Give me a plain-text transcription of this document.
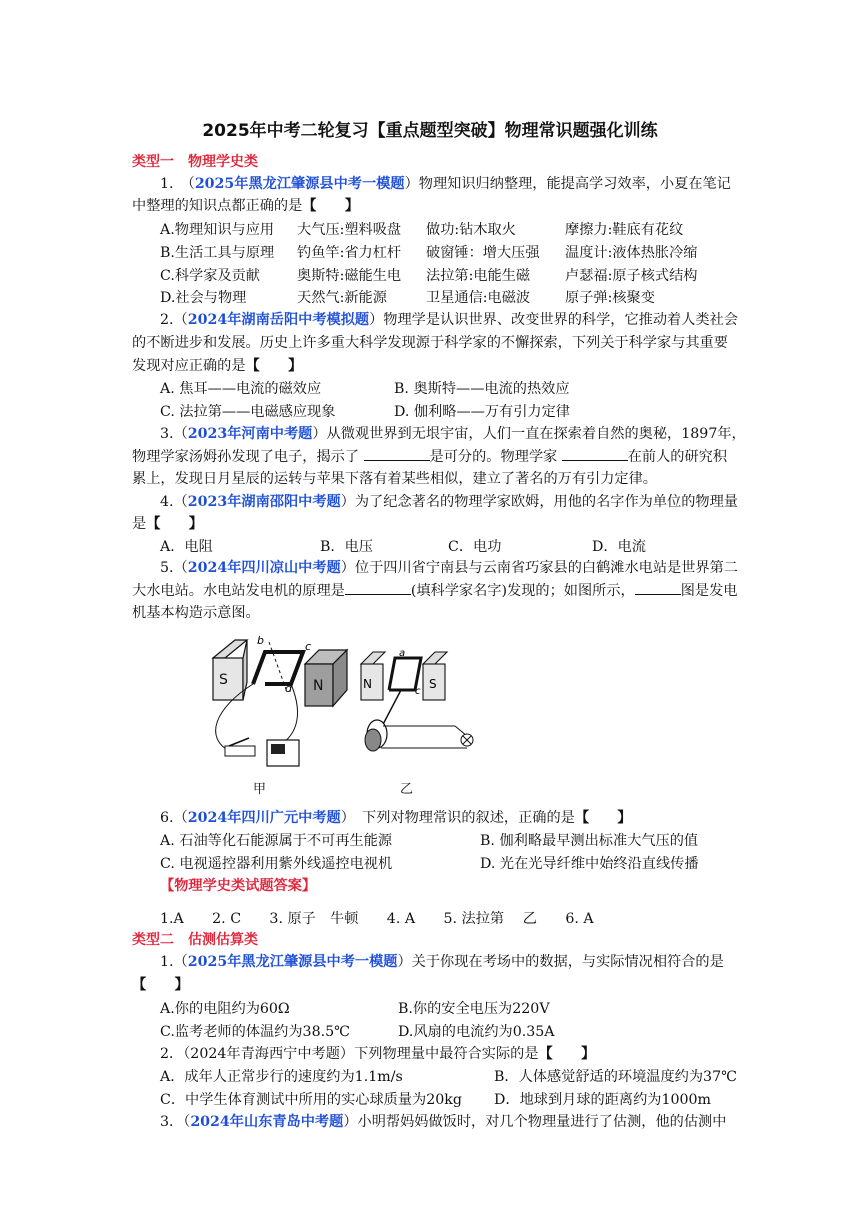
2025年中考二轮复习【重点题型突破】物理常识题强化训练
类型一　物理学史类
1.　（2025年黑龙江肇源县中考一模题）物理知识归纳整理，能提高学习效率，小夏在笔记
中整理的知识点都正确的是【　　】
A.物理知识与应用 大气压:塑料吸盘 做功:钻木取火	摩擦力:鞋底有花纹
B.生活工具与原理 钓鱼竿:省力杠杆 破窗锤：增大压强 温度计:液体热胀冷缩
C.科学家及贡献	奥斯特:磁能生电 法拉第:电能生磁 卢瑟福:原子核式结构
D.社会与物理	天然气:新能源	卫星通信:电磁波 原子弹:核聚变
2.（2024年湖南岳阳中考模拟题）物理学是认识世界、改变世界的科学，它推动着人类社会
的不断进步和发展。历史上许多重大科学发现源于科学家的不懈探索，下列关于科学家与其重要
发现对应正确的是【　　】
A. 焦耳——电流的磁效应	B. 奥斯特——电流的热效应
C. 法拉第——电磁感应现象	D. 伽利略——万有引力定律
3.（2023年河南中考题）从微观世界到无垠宇宙，人们一直在探索着自然的奥秘，1897年，
物理学家汤姆孙发现了电子，揭示了	是可分的。物理学家	在前人的研究积
累上，发现日月星辰的运转与苹果下落有着某些相似，建立了著名的万有引力定律。
4.（2023年湖南邵阳中考题）为了纪念著名的物理学家欧姆，用他的名字作为单位的物理量
是【　　】
A．电阻	B．电压	C．电功	D．电流
5.（2024年四川凉山中考题）位于四川省宁南县与云南省巧家县的白鹤滩水电站是世界第二
大水电站。水电站发电机的原理是	(填科学家名字)发现的；如图所示，	图是发电
机基本构造示意图。
S	N
b	c
d
甲
N	S
a
c
乙
6.（2024年四川广元中考题）　下列对物理常识的叙述，正确的是【　　】
A. 石油等化石能源属于不可再生能源	B. 伽利略最早测出标准大气压的值
C. 电视遥控器利用紫外线遥控电视机	D. 光在光导纤维中始终沿直线传播
【物理学史类试题答案】
1.A　　2. C　　3. 原子　牛顿　　4. A　　5. 法拉第　 乙　　6. A
类型二　估测估算类
1.（2025年黑龙江肇源县中考一模题）关于你现在考场中的数据，与实际情况相符合的是
【　　】
A.你的电阻约为60Ω	B.你的安全电压为220V
C.监考老师的体温约为38.5℃	D.风扇的电流约为0.35A
2．（2024年青海西宁中考题）下列物理量中最符合实际的是【　　】
A．成年人正常步行的速度约为1.1m/s	B．人体感觉舒适的环境温度约为37℃
C．中学生体育测试中所用的实心球质量为20kg D．地球到月球的距离约为1000m
3．（2024年山东青岛中考题）小明帮妈妈做饭时，对几个物理量进行了估测，他的估测中
